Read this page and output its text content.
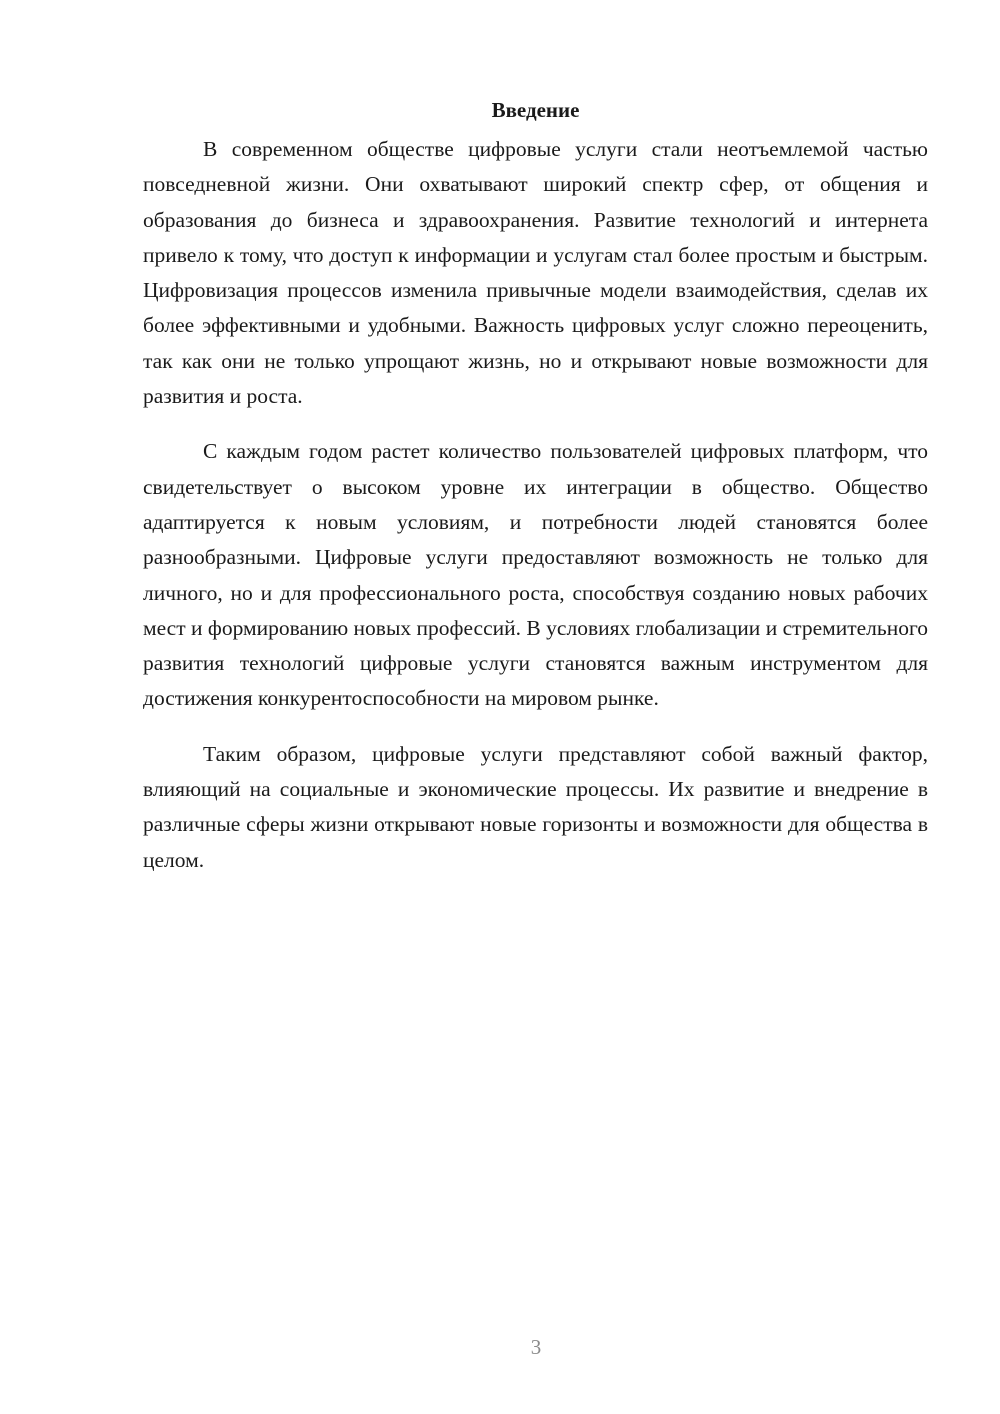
Введение

В современном обществе цифровые услуги стали неотъемлемой частью повседневной жизни. Они охватывают широкий спектр сфер, от общения и образования до бизнеса и здравоохранения. Развитие технологий и интернета привело к тому, что доступ к информации и услугам стал более простым и быстрым. Цифровизация процессов изменила привычные модели взаимодействия, сделав их более эффективными и удобными. Важность цифровых услуг сложно переоценить, так как они не только упрощают жизнь, но и открывают новые возможности для развития и роста.

С каждым годом растет количество пользователей цифровых платформ, что свидетельствует о высоком уровне их интеграции в общество. Общество адаптируется к новым условиям, и потребности людей становятся более разнообразными. Цифровые услуги предоставляют возможность не только для личного, но и для профессионального роста, способствуя созданию новых рабочих мест и формированию новых профессий. В условиях глобализации и стремительного развития технологий цифровые услуги становятся важным инструментом для достижения конкурентоспособности на мировом рынке.

Таким образом, цифровые услуги представляют собой важный фактор, влияющий на социальные и экономические процессы. Их развитие и внедрение в различные сферы жизни открывают новые горизонты и возможности для общества в целом.

3
